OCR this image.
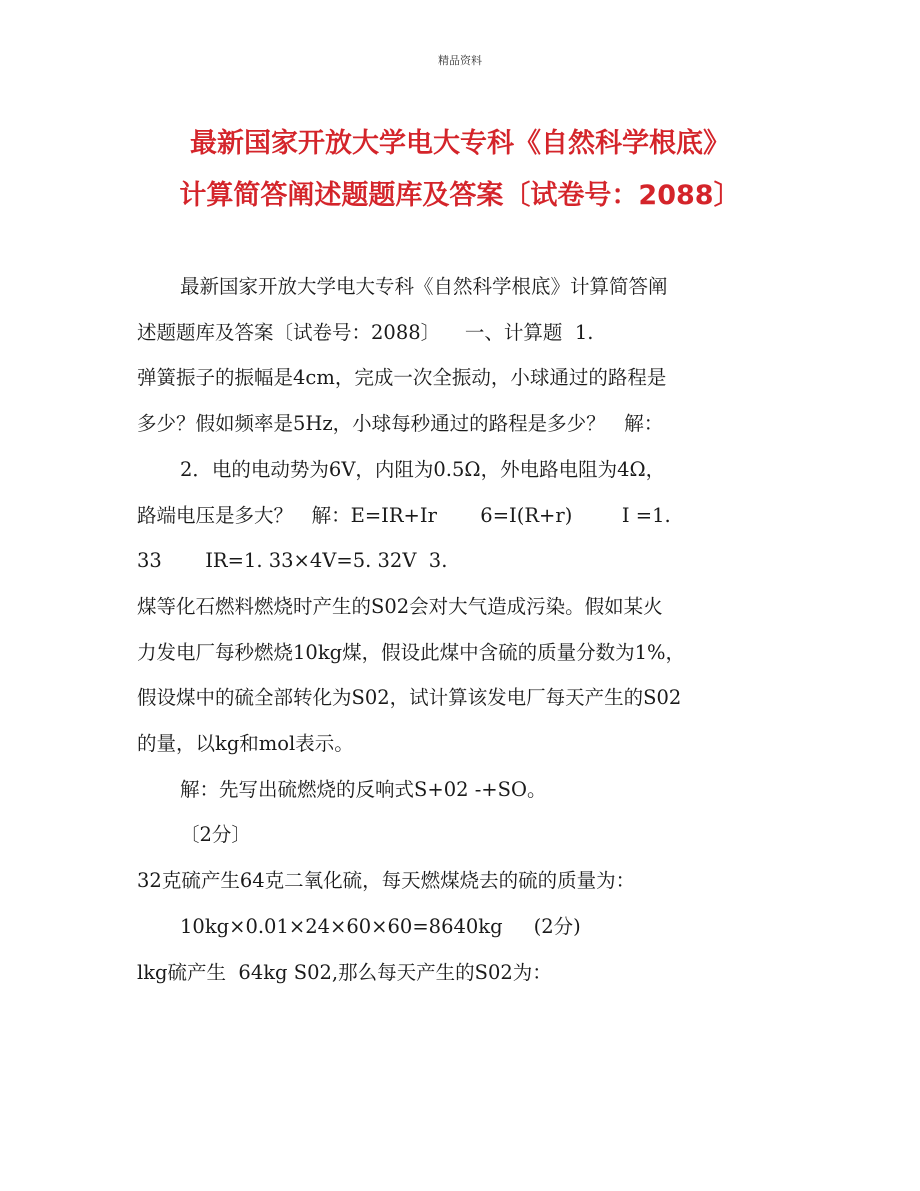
精品资料
最新国家开放大学电大专科《自然科学根底》
计算简答阐述题题库及答案〔试卷号：2088〕

最新国家开放大学电大专科《自然科学根底》计算简答阐

述题题库及答案〔试卷号：2088〕    一、计算题  1.

弹簧振子的振幅是4cm，完成一次全振动，小球通过的路程是

多少？假如频率是5Hz，小球每秒通过的路程是多少？   解：

2．电的电动势为6V，内阻为0.5Ω，外电路电阻为4Ω，

路端电压是多大？   解：E=IR+Ir       6=I(R+r)        I =1.

33       IR=1. 33×4V=5. 32V  3.

煤等化石燃料燃烧时产生的S02会对大气造成污染。假如某火

力发电厂每秒燃烧10kg煤，假设此煤中含硫的质量分数为1%，

假设煤中的硫全部转化为S02，试计算该发电厂每天产生的S02

的量，以kg和mol表示。

解：先写出硫燃烧的反响式S+02 -+SO。

〔2分〕

32克硫产生64克二氧化硫，每天燃煤烧去的硫的质量为：

10kg×0.01×24×60×60=8640kg     (2分)

lkg硫产生  64kg S02,那么每天产生的S02为：
